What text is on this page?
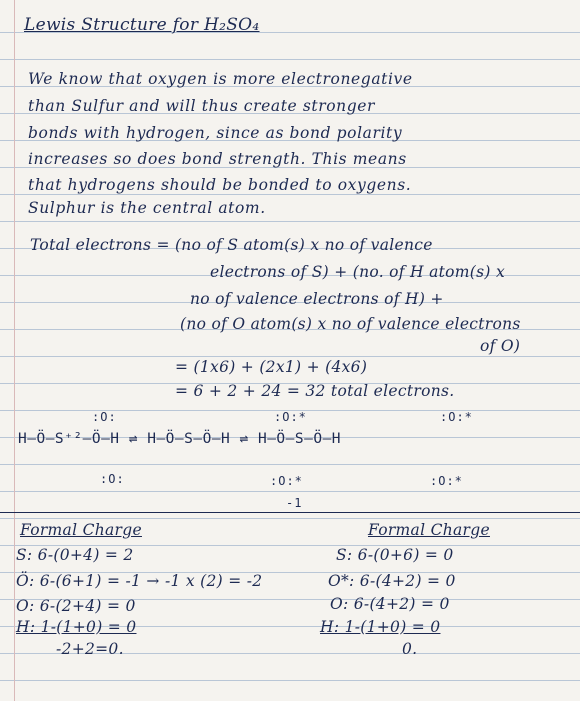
Lewis Structure for H₂SO₄
We know that oxygen is more electronegative
than Sulfur and will thus create stronger
bonds with hydrogen, since as bond polarity
increases so does bond strength. This means
that hydrogens should be bonded to oxygens.
Sulphur is the central atom.
Total electrons = (no of S atom(s) x no of valence
electrons of S) + (no. of H atom(s) x
no of valence electrons of H) +
(no of O atom(s) x no of valence electrons
of O)
= (1x6) + (2x1) + (4x6)
= 6 + 2 + 24 = 32 total electrons.
:O:	:O:*	:O:*
H–Ö–S⁺²–Ö–H ⇌ H–Ö–S–Ö–H ⇌ H–Ö–S–Ö–H
:O:	:O:*	:O:*
-1
Formal Charge
S: 6-(0+4) = 2
Ö: 6-(6+1) = -1 → -1 x (2) = -2
O: 6-(2+4) = 0
H: 1-(1+0) = 0
-2+2=0.
Formal Charge
S: 6-(0+6) = 0
O*: 6-(4+2) = 0
O: 6-(4+2) = 0
H: 1-(1+0) = 0
0.
